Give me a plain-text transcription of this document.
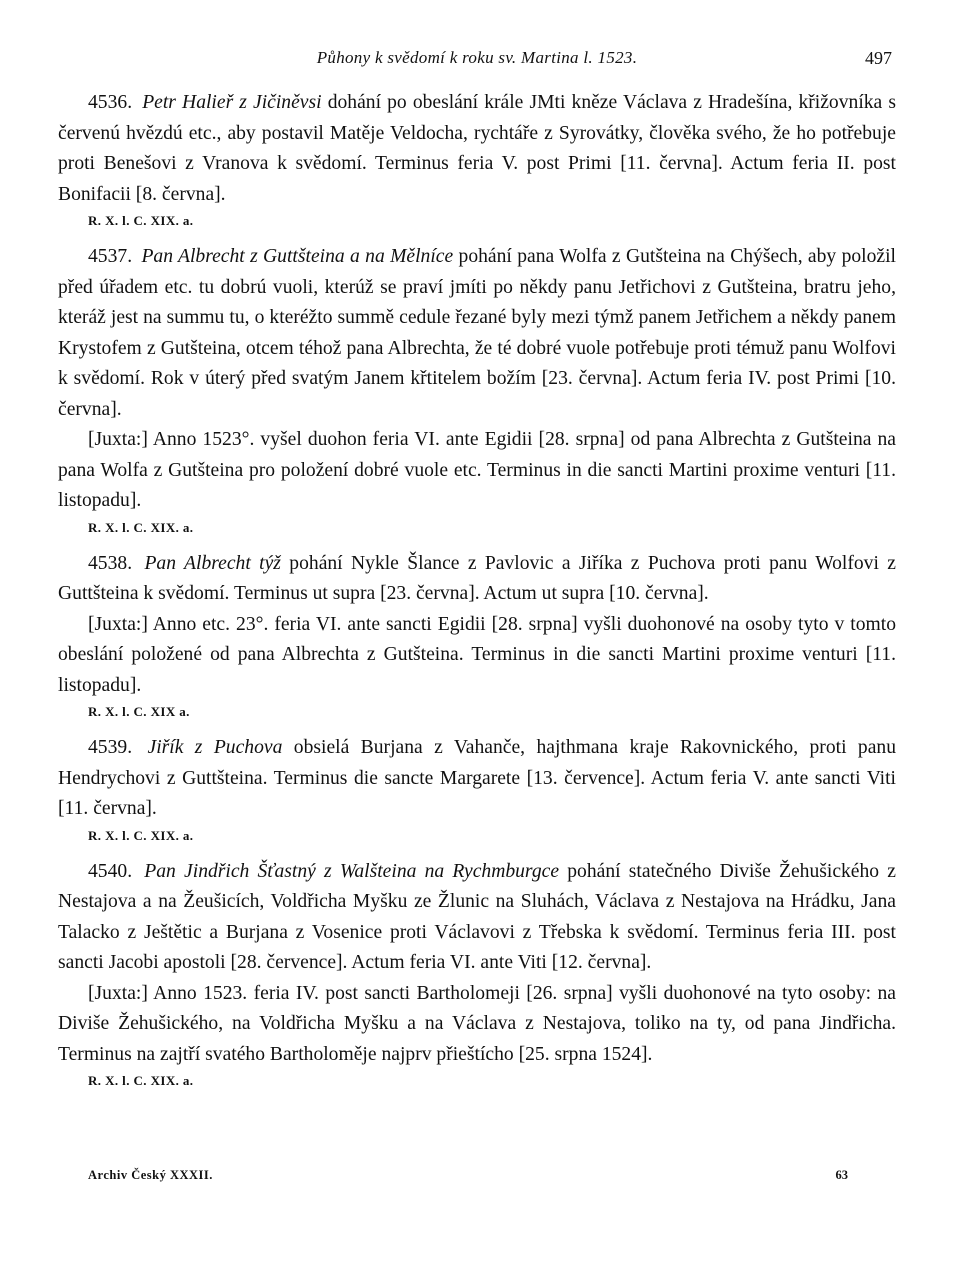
Půhony k svědomí k roku sv. Martina l. 1523.	497

4536. Petr Halieř z Jičiněvsi dohání po obeslání krále JMti kněze Václava z Hradešína, křižovníka s červenú hvězdú etc., aby postavil Matěje Veldocha, rychtáře z Syrovátky, člověka svého, že ho potřebuje proti Benešovi z Vranova k svědomí. Terminus feria V. post Primi [11. června]. Actum feria II. post Bonifacii [8. června].

R. X. l. C. XIX. a.

4537. Pan Albrecht z Guttšteina a na Mělníce pohání pana Wolfa z Gutšteina na Chýšech, aby položil před úřadem etc. tu dobrú vuoli, kterúž se praví jmíti po někdy panu Jetřichovi z Gutšteina, bratru jeho, kteráž jest na summu tu, o kteréžto summě cedule řezané byly mezi týmž panem Jetřichem a někdy panem Krystofem z Gutšteina, otcem téhož pana Albrechta, že té dobré vuole potřebuje proti témuž panu Wolfovi k svědomí. Rok v úterý před svatým Janem křtitelem božím [23. června]. Actum feria IV. post Primi [10. června].

[Juxta:] Anno 1523°. vyšel duohon feria VI. ante Egidii [28. srpna] od pana Albrechta z Gutšteina na pana Wolfa z Gutšteina pro položení dobré vuole etc. Terminus in die sancti Martini proxime venturi [11. listopadu].

R. X. l. C. XIX. a.

4538. Pan Albrecht týž pohání Nykle Šlance z Pavlovic a Jiříka z Puchova proti panu Wolfovi z Guttšteina k svědomí. Terminus ut supra [23. června]. Actum ut supra [10. června].

[Juxta:] Anno etc. 23°. feria VI. ante sancti Egidii [28. srpna] vyšli duohonové na osoby tyto v tomto obeslání položené od pana Albrechta z Gutšteina. Terminus in die sancti Martini proxime venturi [11. listopadu].

R. X. l. C. XIX a.

4539. Jiřík z Puchova obsielá Burjana z Vahanče, hajthmana kraje Rakovnického, proti panu Hendrychovi z Guttšteina. Terminus die sancte Margarete [13. července]. Actum feria V. ante sancti Viti [11. června].

R. X. l. C. XIX. a.

4540. Pan Jindřich Šťastný z Walšteina na Rychmburgce pohání statečného Diviše Žehušického z Nestajova a na Žeušicích, Voldřicha Myšku ze Žlunic na Sluhách, Václava z Nestajova na Hrádku, Jana Talacko z Ještětic a Burjana z Vosenice proti Václavovi z Třebska k svědomí. Terminus feria III. post sancti Jacobi apostoli [28. července]. Actum feria VI. ante Viti [12. června].

[Juxta:] Anno 1523. feria IV. post sancti Bartholomeji [26. srpna] vyšli duohonové na tyto osoby: na Diviše Žehušického, na Voldřicha Myšku a na Václava z Nestajova, toliko na ty, od pana Jindřicha. Terminus na zajtří svatého Bartholoměje najprv přieštícho [25. srpna 1524].

R. X. l. C. XIX. a.

Archiv Český XXXII.	63
